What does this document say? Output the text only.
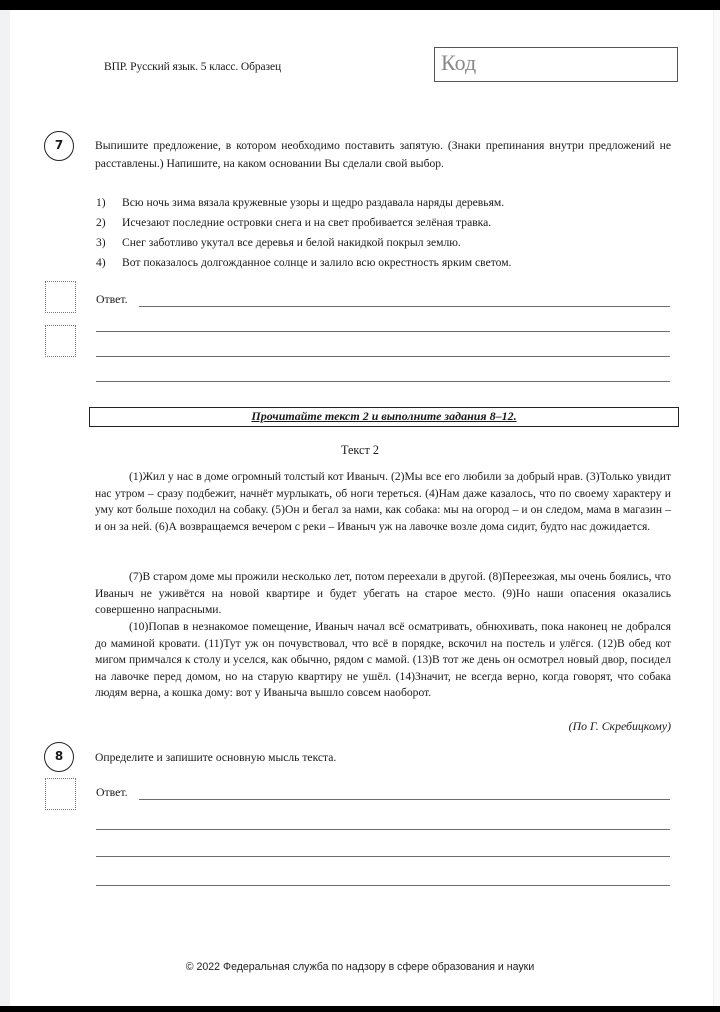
ВПР. Русский язык. 5 класс. Образец	Код
7	Выпишите предложение, в котором необходимо поставить запятую. (Знаки препинания внутри предложений не расставлены.) Напишите, на каком основании Вы сделали свой выбор.
1) Всю ночь зима вязала кружевные узоры и щедро раздавала наряды деревьям.
2) Исчезают последние островки снега и на свет пробивается зелёная травка.
3) Снег заботливо укутал все деревья и белой накидкой покрыл землю.
4) Вот показалось долгожданное солнце и залило всю окрестность ярким светом.
Ответ.
Прочитайте текст 2 и выполните задания 8–12.
Текст 2
(1)Жил у нас в доме огромный толстый кот Иваныч. (2)Мы все его любили за добрый нрав. (3)Только увидит нас утром – сразу подбежит, начнёт мурлыкать, об ноги тереться. (4)Нам даже казалось, что по своему характеру и уму кот больше походил на собаку. (5)Он и бегал за нами, как собака: мы на огород – и он следом, мама в магазин – и он за ней. (6)А возвращаемся вечером с реки – Иваныч уж на лавочке возле дома сидит, будто нас дожидается.
(7)В старом доме мы прожили несколько лет, потом переехали в другой. (8)Переезжая, мы очень боялись, что Иваныч не уживётся на новой квартире и будет убегать на старое место. (9)Но наши опасения оказались совершенно напрасными.
(10)Попав в незнакомое помещение, Иваныч начал всё осматривать, обнюхивать, пока наконец не добрался до маминой кровати. (11)Тут уж он почувствовал, что всё в порядке, вскочил на постель и улёгся. (12)В обед кот мигом примчался к столу и уселся, как обычно, рядом с мамой. (13)В тот же день он осмотрел новый двор, посидел на лавочке перед домом, но на старую квартиру не ушёл. (14)Значит, не всегда верно, когда говорят, что собака людям верна, а кошка дому: вот у Иваныча вышло совсем наоборот.
(По Г. Скребицкому)
8	Определите и запишите основную мысль текста.
Ответ.
© 2022 Федеральная служба по надзору в сфере образования и науки
